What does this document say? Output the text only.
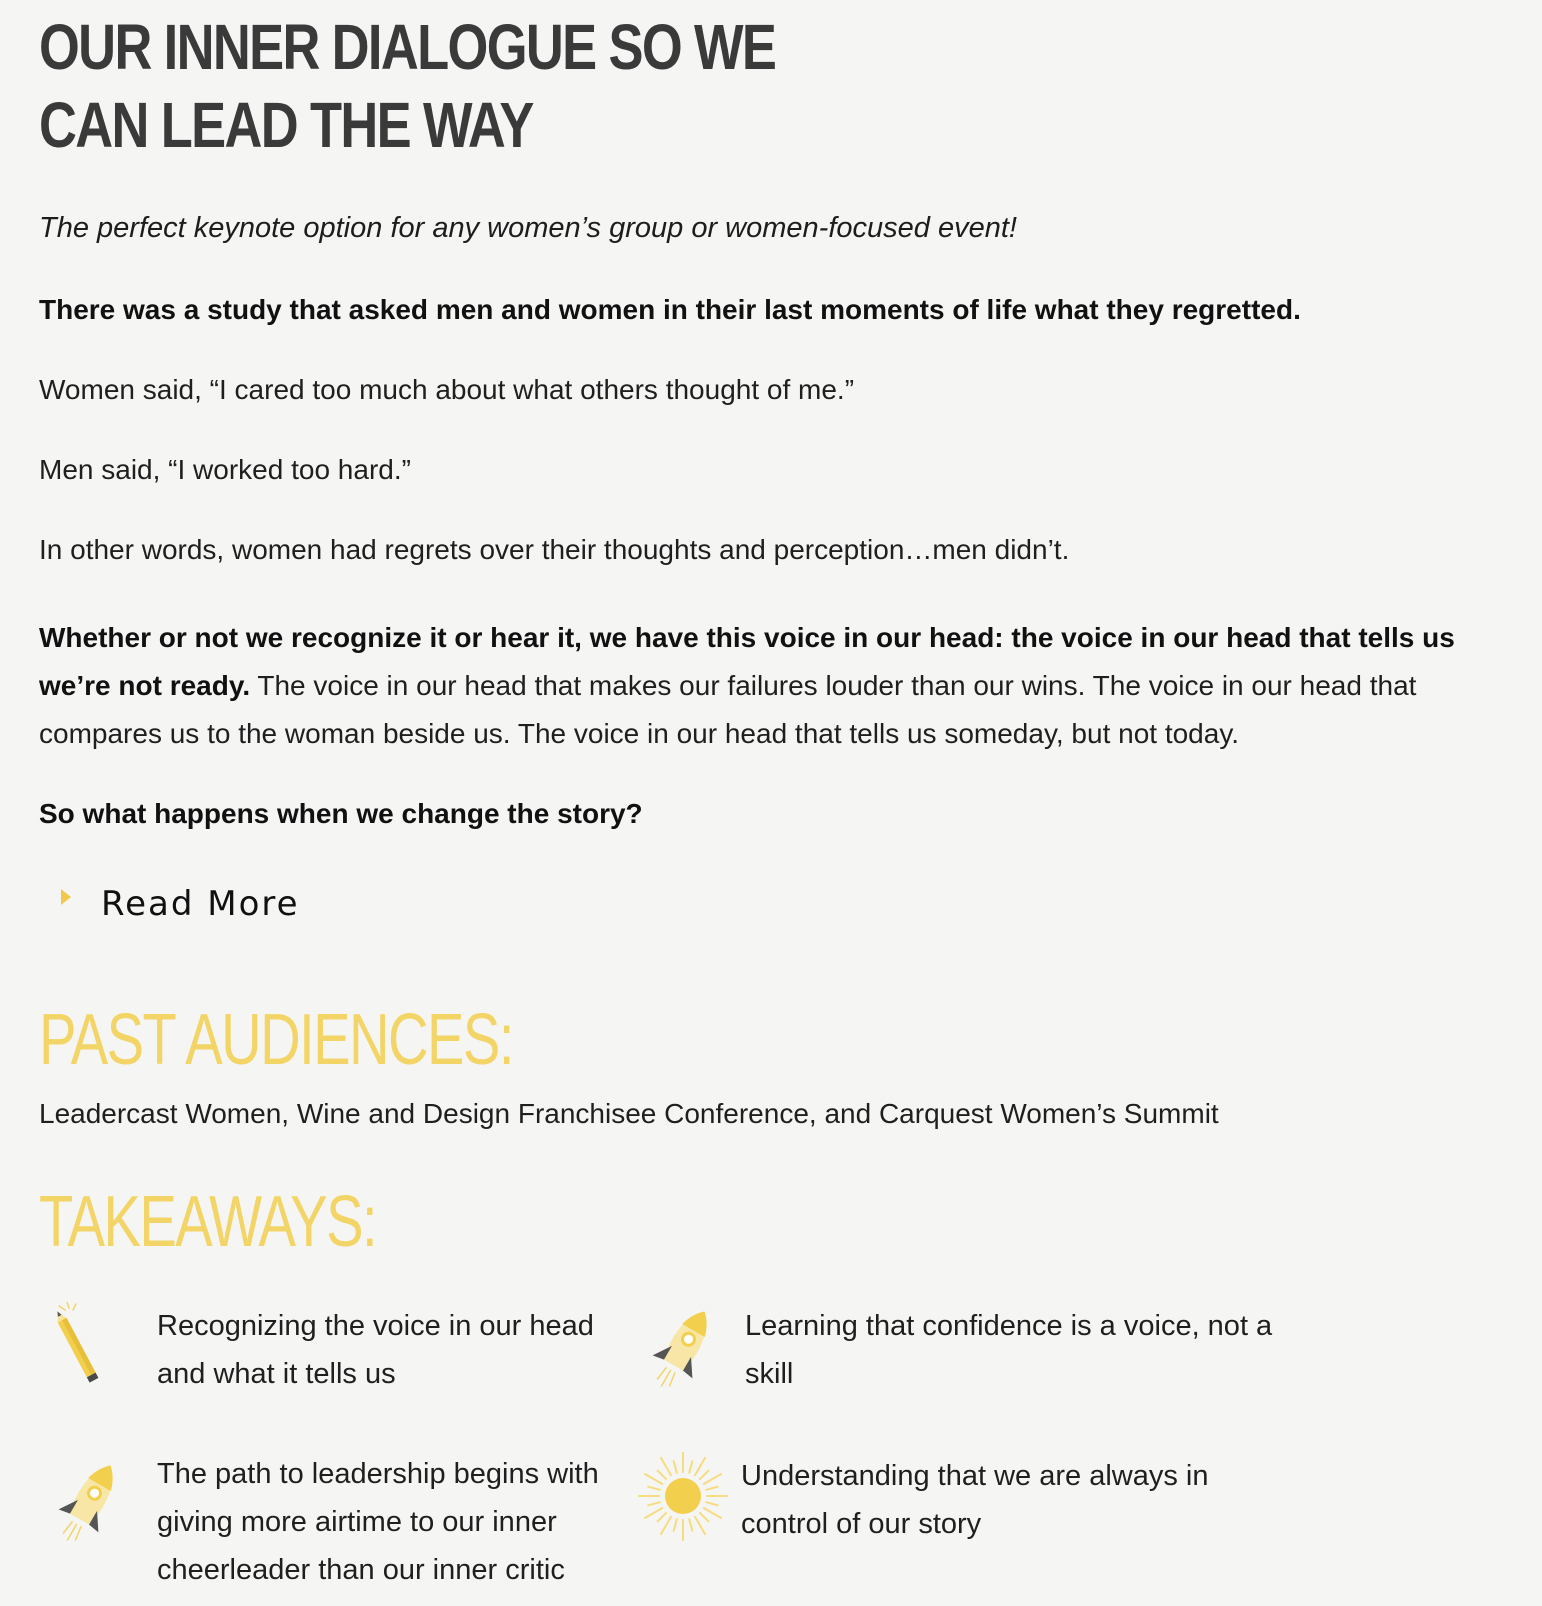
OUR INNER DIALOGUE SO WE CAN LEAD THE WAY
The perfect keynote option for any women’s group or women-focused event!
There was a study that asked men and women in their last moments of life what they regretted.
Women said, “I cared too much about what others thought of me.”
Men said, “I worked too hard.”
In other words, women had regrets over their thoughts and perception…men didn’t.
Whether or not we recognize it or hear it, we have this voice in our head: the voice in our head that tells us we’re not ready. The voice in our head that makes our failures louder than our wins. The voice in our head that compares us to the woman beside us. The voice in our head that tells us someday, but not today.
So what happens when we change the story?
Read More
PAST AUDIENCES:
Leadercast Women, Wine and Design Franchisee Conference, and Carquest Women’s Summit
TAKEAWAYS:
Recognizing the voice in our head and what it tells us
Learning that confidence is a voice, not a skill
The path to leadership begins with giving more airtime to our inner cheerleader than our inner critic
Understanding that we are always in control of our story
